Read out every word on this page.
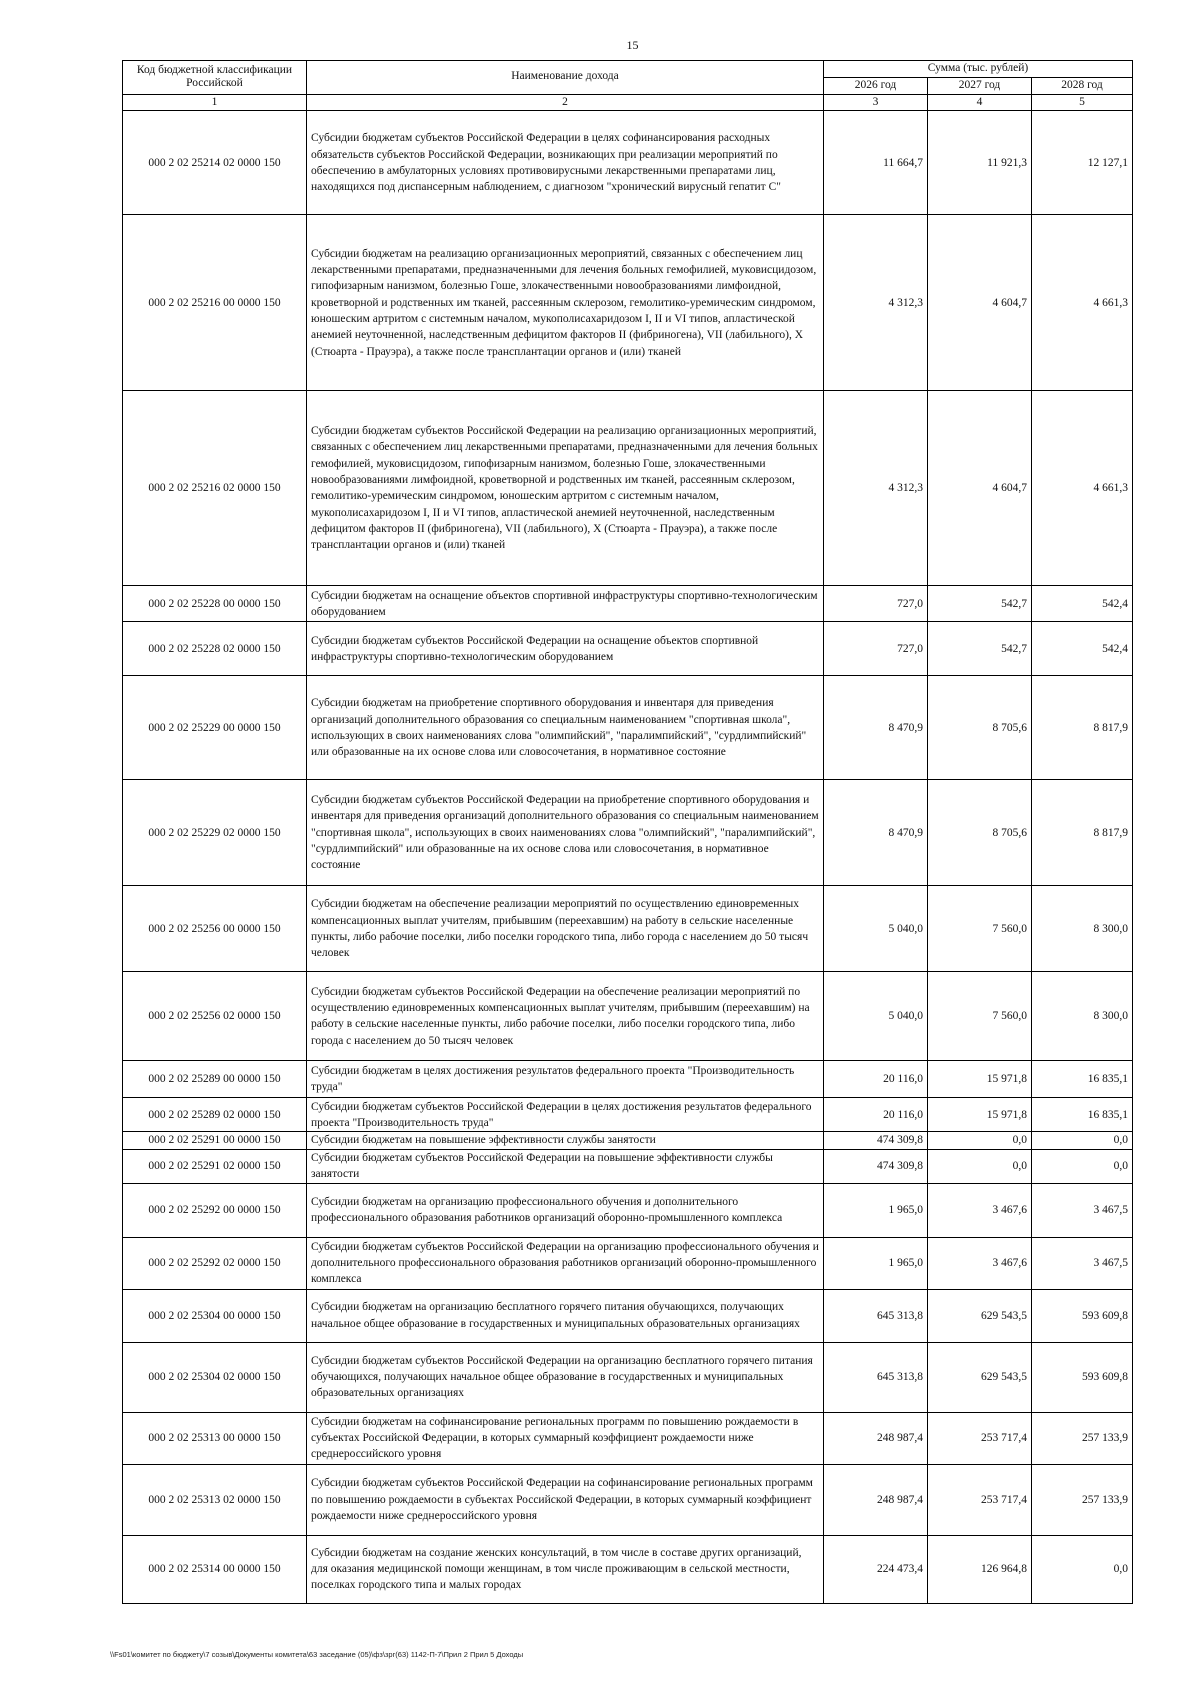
15
Код бюджетной классификации Российской	Наименование доходa	Сумма (тыс. рублей)		
		2026 год	2027 год	2028 год
1	2	3	4	5
000 2 02 25214 02 0000 150	Субсидии бюджетам субъектов Российской Федерации в целях софинансирования расходных обязательств субъектов Российской Федерации, возникающих при реализации мероприятий по обеспечению в амбулаторных условиях противовирусными лекарственными препаратами лиц, находящихся под диспансерным наблюдением, с диагнозом "хронический вирусный гепатит С"	11 664,7	11 921,3	12 127,1
000 2 02 25216 00 0000 150	Субсидии бюджетам на реализацию организационных мероприятий, связанных с обеспечением лиц лекарственными препаратами, предназначенными для лечения больных гемофилией, муковисцидозом, гипофизарным нанизмом, болезнью Гоше, злокачественными новообразованиями лимфоидной, кроветворной и родственных им тканей, рассеянным склерозом, гемолитико-уремическим синдромом, юношеским артритом с системным началом, мукополисахаридозом I, II и VI типов, апластической анемией неуточненной, наследственным дефицитом факторов II (фибриногена), VII (лабильного), X (Стюарта - Прауэра), а также после трансплантации органов и (или) тканей	4 312,3	4 604,7	4 661,3
000 2 02 25216 02 0000 150	Субсидии бюджетам субъектов Российской Федерации на реализацию организационных мероприятий, связанных с обеспечением лиц лекарственными препаратами, предназначенными для лечения больных гемофилией, муковисцидозом, гипофизарным нанизмом, болезнью Гоше, злокачественными новообразованиями лимфоидной, кроветворной и родственных им тканей, рассеянным склерозом, гемолитико-уремическим синдромом, юношеским артритом с системным началом, мукополисахаридозом I, II и VI типов, апластической анемией неуточненной, наследственным дефицитом факторов II (фибриногена), VII (лабильного), X (Стюарта - Прауэра), а также после трансплантации органов и (или) тканей	4 312,3	4 604,7	4 661,3
000 2 02 25228 00 0000 150	Субсидии бюджетам на оснащение объектов спортивной инфраструктуры спортивно-технологическим оборудованием	727,0	542,7	542,4
000 2 02 25228 02 0000 150	Субсидии бюджетам субъектов Российской Федерации на оснащение объектов спортивной инфраструктуры спортивно-технологическим оборудованием	727,0	542,7	542,4
000 2 02 25229 00 0000 150	Субсидии бюджетам на приобретение спортивного оборудования и инвентаря для приведения организаций дополнительного образования со специальным наименованием "спортивная школа", использующих в своих наименованиях слова "олимпийский", "паралимпийский", "сурдлимпийский" или образованные на их основе слова или словосочетания, в нормативное состояние	8 470,9	8 705,6	8 817,9
000 2 02 25229 02 0000 150	Субсидии бюджетам субъектов Российской Федерации на приобретение спортивного оборудования и инвентаря для приведения организаций дополнительного образования со специальным наименованием "спортивная школа", использующих в своих наименованиях слова "олимпийский", "паралимпийский", "сурдлимпийский" или образованные на их основе слова или словосочетания, в нормативное состояние	8 470,9	8 705,6	8 817,9
000 2 02 25256 00 0000 150	Субсидии бюджетам на обеспечение реализации мероприятий по осуществлению единовременных компенсационных выплат учителям, прибывшим (переехавшим) на работу в сельские населенные пункты, либо рабочие поселки, либо поселки городского типа, либо города с населением до 50 тысяч человек	5 040,0	7 560,0	8 300,0
000 2 02 25256 02 0000 150	Субсидии бюджетам субъектов Российской Федерации на обеспечение реализации мероприятий по осуществлению единовременных компенсационных выплат учителям, прибывшим (переехавшим) на работу в сельские населенные пункты, либо рабочие поселки, либо поселки городского типа, либо города с населением до 50 тысяч человек	5 040,0	7 560,0	8 300,0
000 2 02 25289 00 0000 150	Субсидии бюджетам в целях достижения результатов федерального проекта "Производительность труда"	20 116,0	15 971,8	16 835,1
000 2 02 25289 02 0000 150	Субсидии бюджетам субъектов Российской Федерации в целях достижения результатов федерального проекта "Производительность труда"	20 116,0	15 971,8	16 835,1
000 2 02 25291 00 0000 150	Субсидии бюджетам на повышение эффективности службы занятости	474 309,8	0,0	0,0
000 2 02 25291 02 0000 150	Субсидии бюджетам субъектов Российской Федерации на повышение эффективности службы занятости	474 309,8	0,0	0,0
000 2 02 25292 00 0000 150	Субсидии бюджетам на организацию профессионального обучения и дополнительного профессионального образования работников организаций оборонно-промышленного комплекса	1 965,0	3 467,6	3 467,5
000 2 02 25292 02 0000 150	Субсидии бюджетам субъектов Российской Федерации на организацию профессионального обучения и дополнительного профессионального образования работников организаций оборонно-промышленного комплекса	1 965,0	3 467,6	3 467,5
000 2 02 25304 00 0000 150	Субсидии бюджетам на организацию бесплатного горячего питания обучающихся, получающих начальное общее образование в государственных и муниципальных образовательных организациях	645 313,8	629 543,5	593 609,8
000 2 02 25304 02 0000 150	Субсидии бюджетам субъектов Российской Федерации на организацию бесплатного горячего питания обучающихся, получающих начальное общее образование в государственных и муниципальных образовательных организациях	645 313,8	629 543,5	593 609,8
000 2 02 25313 00 0000 150	Субсидии бюджетам на софинансирование региональных программ по повышению рождаемости в субъектах Российской Федерации, в которых суммарный коэффициент рождаемости ниже среднероссийского уровня	248 987,4	253 717,4	257 133,9
000 2 02 25313 02 0000 150	Субсидии бюджетам субъектов Российской Федерации на софинансирование региональных программ по повышению рождаемости в субъектах Российской Федерации, в которых суммарный коэффициент рождаемости ниже среднероссийского уровня	248 987,4	253 717,4	257 133,9
000 2 02 25314 00 0000 150	Субсидии бюджетам на создание женских консультаций, в том числе в составе других организаций, для оказания медицинской помощи женщинам, в том числе проживающим в сельской местности, поселках городского типа и малых городах	224 473,4	126 964,8	0,0
\\Fs01\комитет по бюджету\7 созыв\Документы комитета\63 заседание (05)\фз\зрг(63) 1142-П-7\Прил 2 Прил 5 Доходы
